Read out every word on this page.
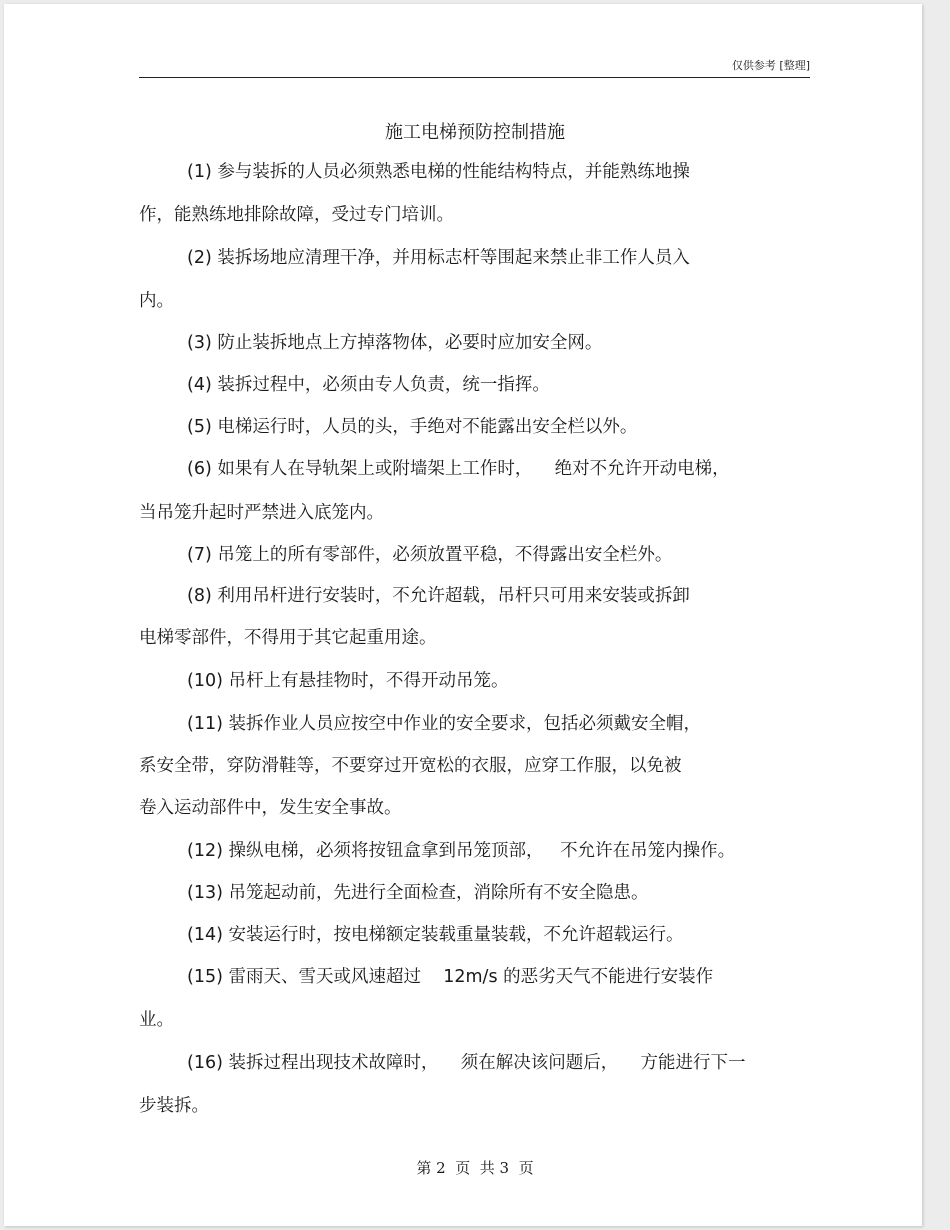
仅供参考 [整理]
施工电梯预防控制措施
(1) 参与装拆的人员必须熟悉电梯的性能结构特点，并能熟练地操
作，能熟练地排除故障，受过专门培训。
(2) 装拆场地应清理干净，并用标志杆等围起来禁止非工作人员入
内。
(3) 防止装拆地点上方掉落物体，必要时应加安全网。
(4) 装拆过程中，必须由专人负责，统一指挥。
(5) 电梯运行时，人员的头，手绝对不能露出安全栏以外。
(6) 如果有人在导轨架上或附墙架上工作时，    绝对不允许开动电梯，
当吊笼升起时严禁进入底笼内。
(7) 吊笼上的所有零部件，必须放置平稳，不得露出安全栏外。
(8) 利用吊杆进行安装时，不允许超载，吊杆只可用来安装或拆卸
电梯零部件，不得用于其它起重用途。
(10) 吊杆上有悬挂物时，不得开动吊笼。
(11) 装拆作业人员应按空中作业的安全要求，包括必须戴安全帽，
系安全带，穿防滑鞋等，不要穿过开宽松的衣服，应穿工作服，以免被
卷入运动部件中，发生安全事故。
(12) 操纵电梯，必须将按钮盒拿到吊笼顶部，   不允许在吊笼内操作。
(13) 吊笼起动前，先进行全面检查，消除所有不安全隐患。
(14) 安装运行时，按电梯额定装载重量装载，不允许超载运行。
(15) 雷雨天、雪天或风速超过    12m/s 的恶劣天气不能进行安装作
业。
(16) 装拆过程出现技术故障时，    须在解决该问题后，    方能进行下一
步装拆。
第 2  页  共 3  页
